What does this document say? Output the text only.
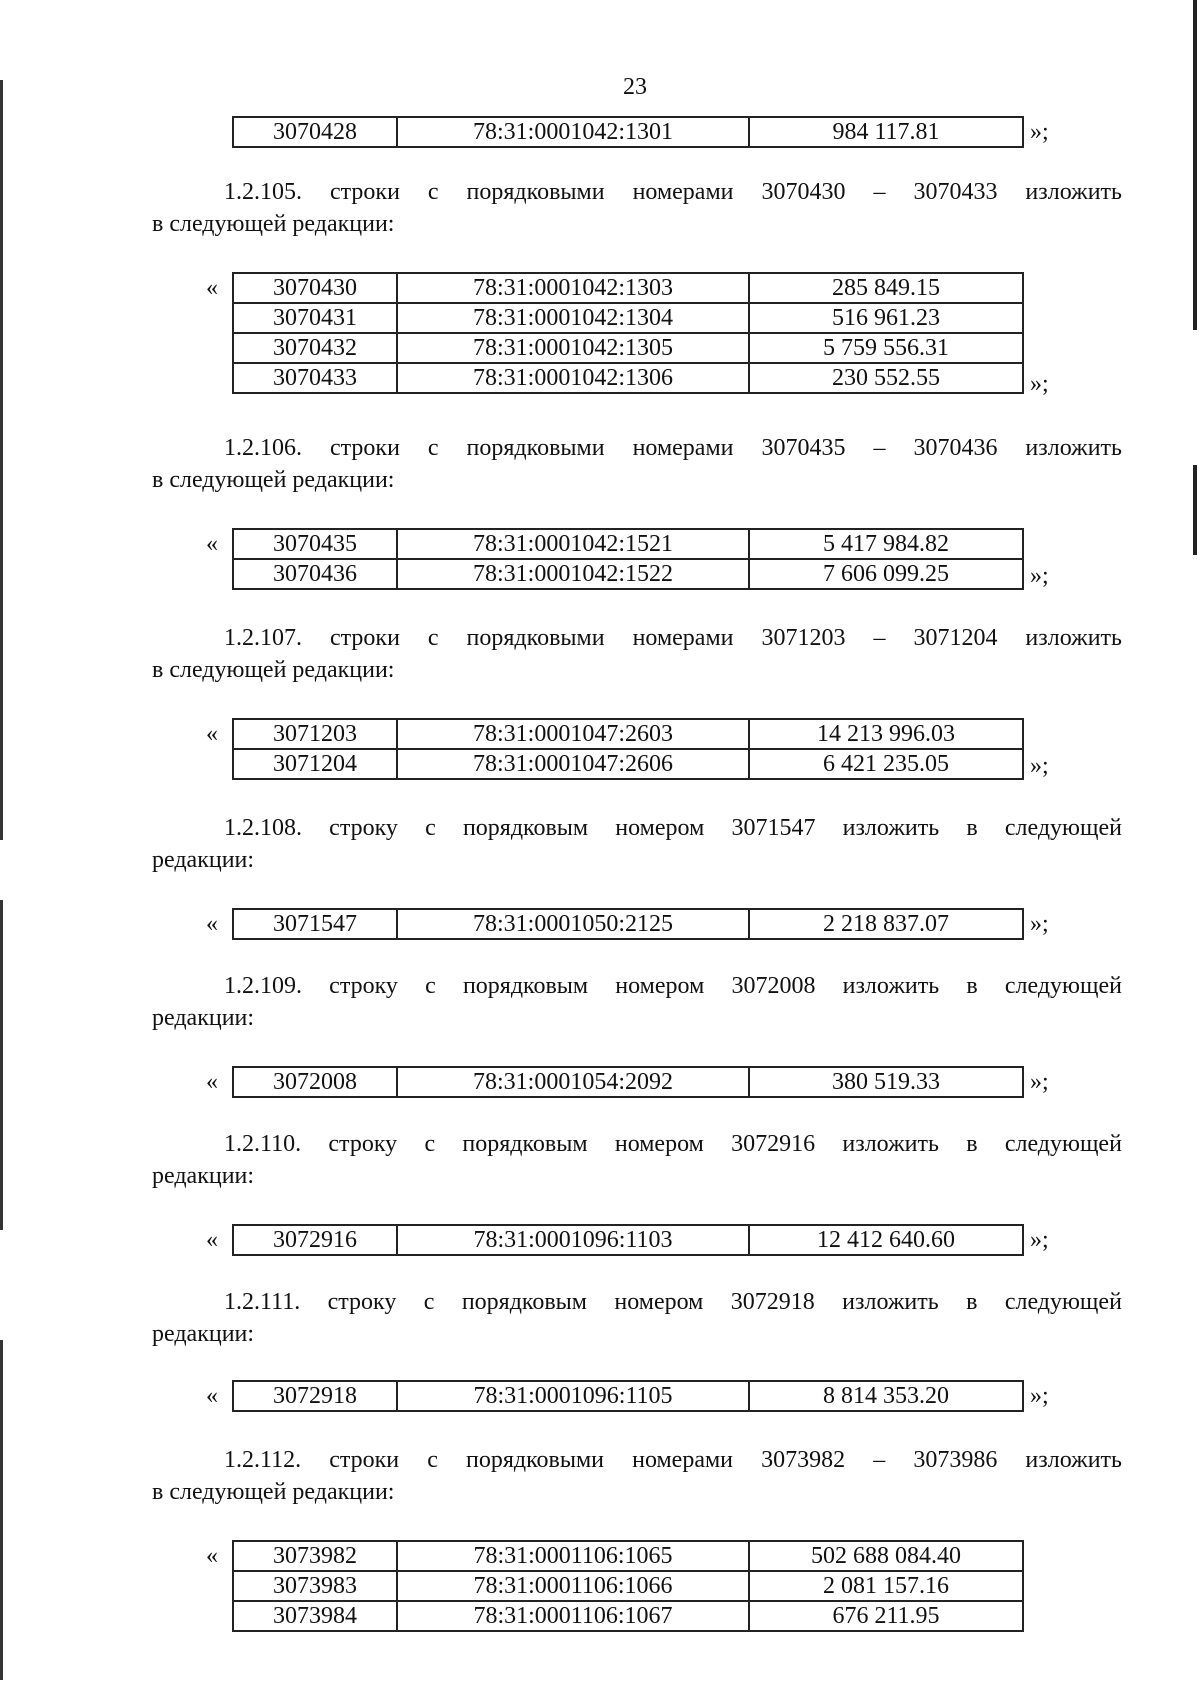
23
3070428	78:31:0001042:1301	984 117.81	»;
1.2.105. строки с порядковыми номерами 3070430 – 3070433 изложить
в следующей редакции:
« 3070430	78:31:0001042:1303	285 849.15
3070431	78:31:0001042:1304	516 961.23
3070432	78:31:0001042:1305	5 759 556.31
3070433	78:31:0001042:1306	230 552.55	»;
1.2.106. строки с порядковыми номерами 3070435 – 3070436 изложить
в следующей редакции:
« 3070435	78:31:0001042:1521	5 417 984.82
3070436	78:31:0001042:1522	7 606 099.25	»;
1.2.107. строки с порядковыми номерами 3071203 – 3071204 изложить
в следующей редакции:
« 3071203	78:31:0001047:2603	14 213 996.03
3071204	78:31:0001047:2606	6 421 235.05	»;
1.2.108. строку с порядковым номером 3071547 изложить в следующей
редакции:
« 3071547	78:31:0001050:2125	2 218 837.07	»;
1.2.109. строку с порядковым номером 3072008 изложить в следующей
редакции:
« 3072008	78:31:0001054:2092	380 519.33	»;
1.2.110. строку с порядковым номером 3072916 изложить в следующей
редакции:
« 3072916	78:31:0001096:1103	12 412 640.60	»;
1.2.111. строку с порядковым номером 3072918 изложить в следующей
редакции:
« 3072918	78:31:0001096:1105	8 814 353.20	»;
1.2.112. строки с порядковыми номерами 3073982 – 3073986 изложить
в следующей редакции:
« 3073982	78:31:0001106:1065	502 688 084.40
3073983	78:31:0001106:1066	2 081 157.16
3073984	78:31:0001106:1067	676 211.95
